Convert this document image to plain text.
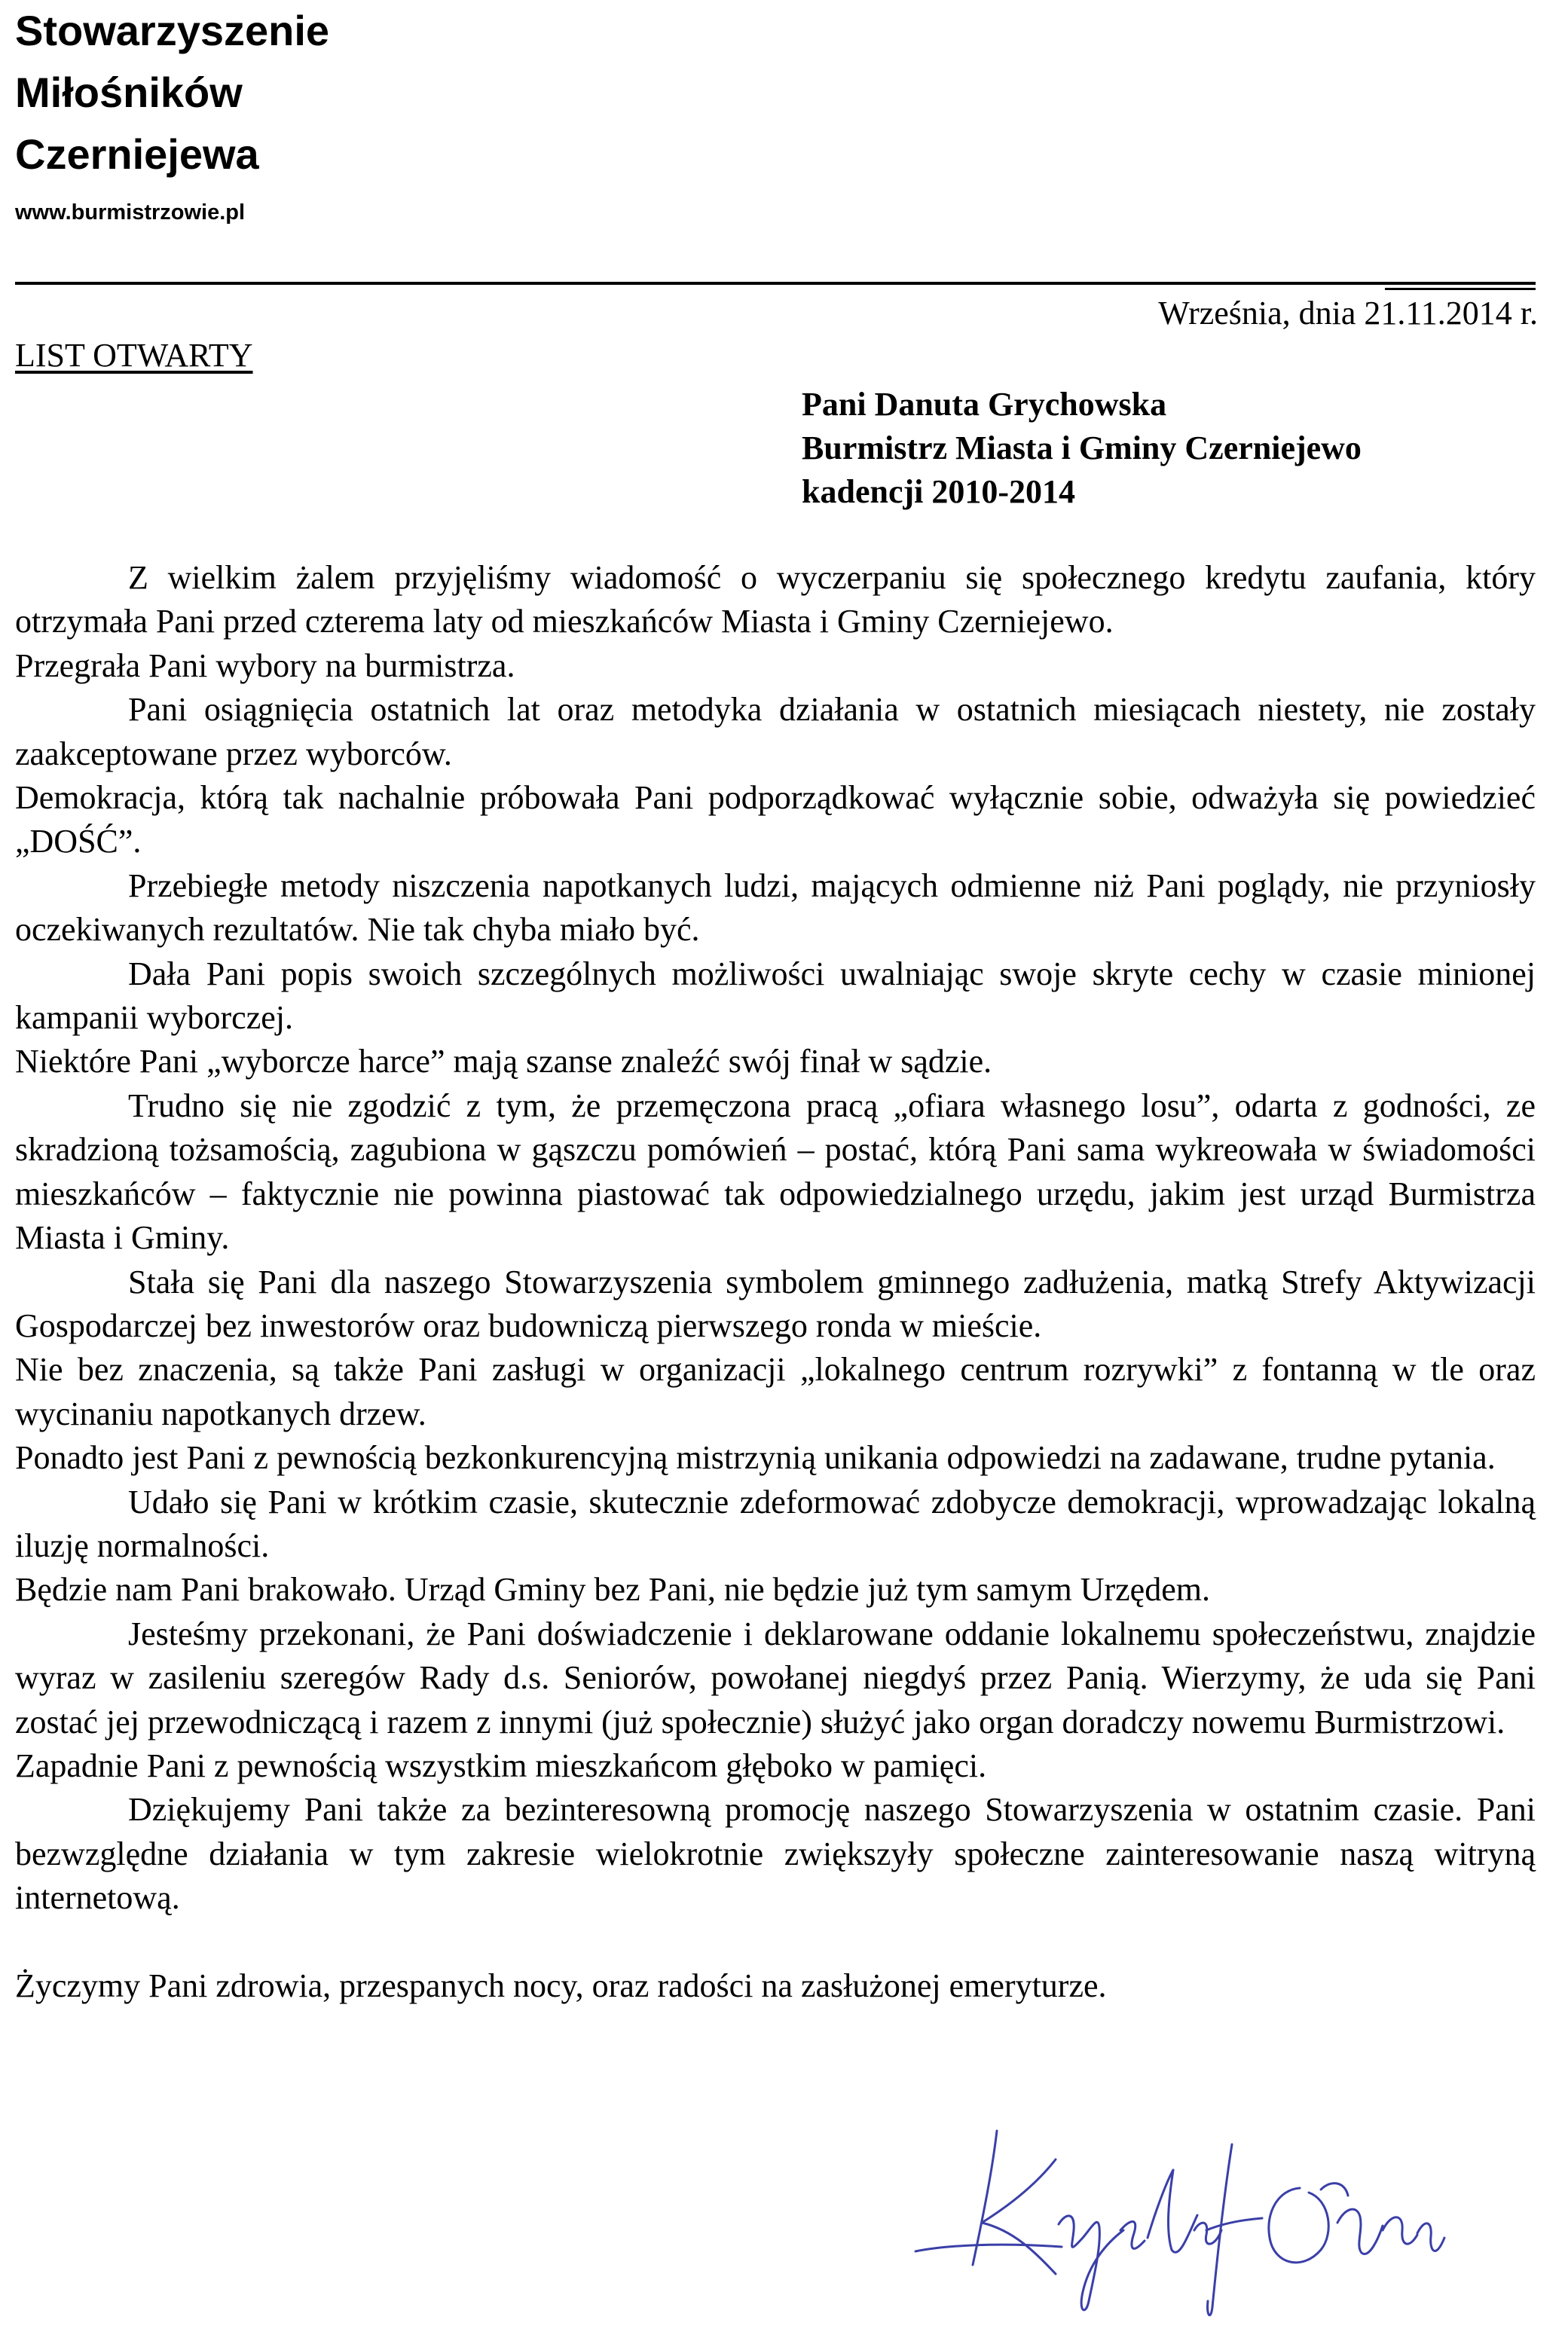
Stowarzyszenie
Miłośników
Czerniejewa
www.burmistrzowie.pl
Września, dnia 21.11.2014 r.
LIST OTWARTY
Pani Danuta Grychowska
Burmistrz Miasta i Gminy Czerniejewo
kadencji 2010-2014

Z wielkim żalem przyjęliśmy wiadomość o wyczerpaniu się społecznego kredytu zaufania, który otrzymała Pani przed czterema laty od mieszkańców Miasta i Gminy Czerniejewo.

Przegrała Pani wybory na burmistrza.

Pani osiągnięcia ostatnich lat oraz metodyka działania w ostatnich miesiącach niestety, nie zostały zaakceptowane przez wyborców.

Demokracja, którą tak nachalnie próbowała Pani podporządkować wyłącznie sobie, odważyła się powiedzieć „DOŚĆ”.

Przebiegłe metody niszczenia napotkanych ludzi, mających odmienne niż Pani poglądy, nie przyniosły oczekiwanych rezultatów. Nie tak chyba miało być.

Dała Pani popis swoich szczególnych możliwości uwalniając swoje skryte cechy w czasie minionej kampanii wyborczej.

Niektóre Pani „wyborcze harce” mają szanse znaleźć swój finał w sądzie.

Trudno się nie zgodzić z tym, że przemęczona pracą „ofiara własnego losu”, odarta z godności, ze skradzioną tożsamością, zagubiona w gąszczu pomówień – postać, którą Pani sama wykreowała w świadomości mieszkańców – faktycznie nie powinna piastować tak odpowiedzialnego urzędu, jakim jest urząd Burmistrza Miasta i Gminy.

Stała się Pani dla naszego Stowarzyszenia symbolem gminnego zadłużenia, matką Strefy Aktywizacji Gospodarczej bez inwestorów oraz budowniczą pierwszego ronda w mieście.

Nie bez znaczenia, są także Pani zasługi w organizacji „lokalnego centrum rozrywki” z fontanną w tle oraz wycinaniu napotkanych drzew.

Ponadto jest Pani z pewnością bezkonkurencyjną mistrzynią unikania odpowiedzi na zadawane, trudne pytania.

Udało się Pani w krótkim czasie, skutecznie zdeformować zdobycze demokracji, wprowadzając lokalną iluzję normalności.

Będzie nam Pani brakowało. Urząd Gminy bez Pani, nie będzie już tym samym Urzędem.

Jesteśmy przekonani, że Pani doświadczenie i deklarowane oddanie lokalnemu społeczeństwu, znajdzie wyraz w zasileniu szeregów Rady d.s. Seniorów, powołanej niegdyś przez Panią. Wierzymy, że uda się Pani zostać jej przewodniczącą i razem z innymi (już społecznie) służyć jako organ doradczy nowemu Burmistrzowi.

Zapadnie Pani z pewnością wszystkim mieszkańcom głęboko w pamięci.

Dziękujemy Pani także za bezinteresowną promocję naszego Stowarzyszenia w ostatnim czasie. Pani bezwzględne działania w tym zakresie wielokrotnie zwiększyły społeczne zainteresowanie naszą witryną internetową.

Życzymy Pani zdrowia, przespanych nocy, oraz radości na zasłużonej emeryturze.
